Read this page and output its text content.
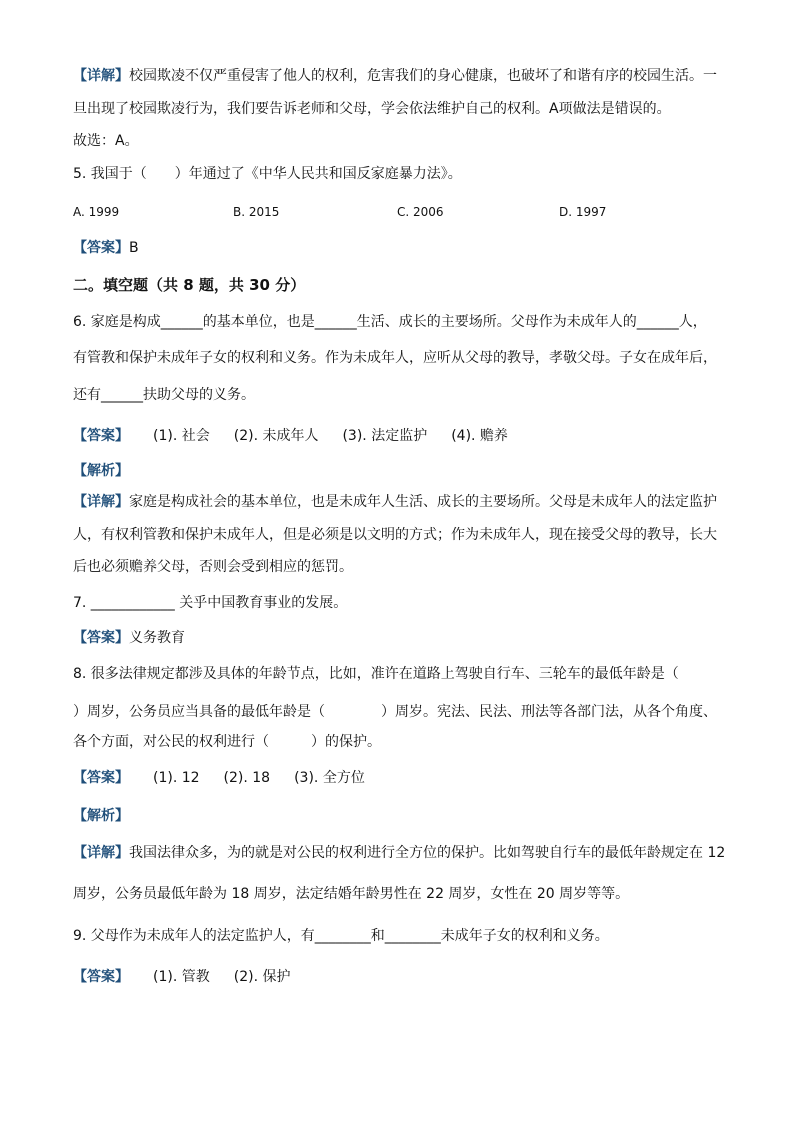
【详解】校园欺凌不仅严重侵害了他人的权利，危害我们的身心健康，也破坏了和谐有序的校园生活。一
旦出现了校园欺凌行为，我们要告诉老师和父母，学会依法维护自己的权利。A项做法是错误的。
故选：A。
5. 我国于（　　）年通过了《中华人民共和国反家庭暴力法》。
A. 1999	B. 2015	C. 2006	D. 1997
【答案】B
二。填空题（共 8 题，共 30 分）
6. 家庭是构成______的基本单位，也是______生活、成长的主要场所。父母作为未成年人的______人，
有管教和保护未成年子女的权利和义务。作为未成年人，应听从父母的教导，孝敬父母。子女在成年后，
还有______扶助父母的义务。
【答案】 (1). 社会 (2). 未成年人 (3). 法定监护 (4). 赡养
【解析】
【详解】家庭是构成社会的基本单位，也是未成年人生活、成长的主要场所。父母是未成年人的法定监护
人，有权利管教和保护未成年人，但是必须是以文明的方式；作为未成年人，现在接受父母的教导，长大
后也必须赡养父母，否则会受到相应的惩罚。
7. ____________ 关乎中国教育事业的发展。
【答案】义务教育
8. 很多法律规定都涉及具体的年龄节点，比如，准许在道路上驾驶自行车、三轮车的最低年龄是（
）周岁，公务员应当具备的最低年龄是（　　　　）周岁。宪法、民法、刑法等各部门法，从各个角度、
各个方面，对公民的权利进行（　　　）的保护。
【答案】 (1). 12 (2). 18 (3). 全方位
【解析】
【详解】我国法律众多，为的就是对公民的权利进行全方位的保护。比如驾驶自行车的最低年龄规定在 12
周岁，公务员最低年龄为 18 周岁，法定结婚年龄男性在 22 周岁，女性在 20 周岁等等。
9. 父母作为未成年人的法定监护人，有________和________未成年子女的权利和义务。
【答案】 (1). 管教 (2). 保护
